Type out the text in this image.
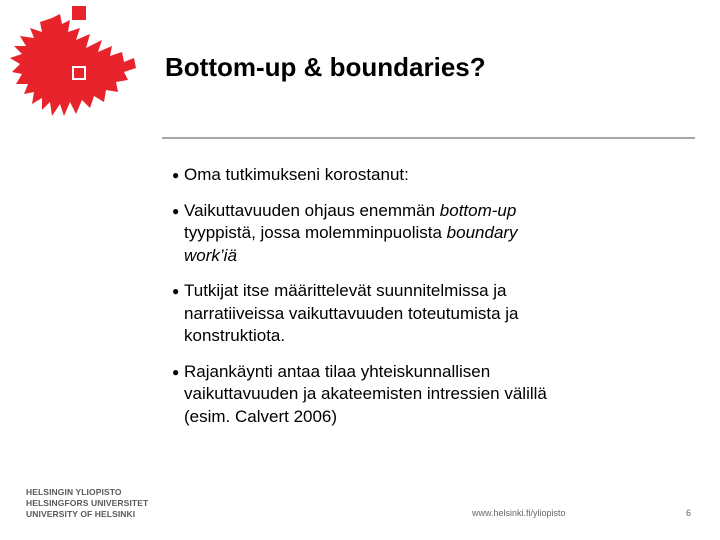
Bottom-up & boundaries?
● Oma tutkimukseni korostanut:
● Vaikuttavuuden ohjaus enemmän bottom-up
tyyppistä, jossa molemminpuolista boundary
work’iä
● Tutkijat itse määrittelevät suunnitelmissa ja
narratiiveissa vaikuttavuuden toteutumista ja
konstruktiota.
● Rajankäynti antaa tilaa yhteiskunnallisen
vaikuttavuuden ja akateemisten intressien välillä
(esim. Calvert 2006)
HELSINGIN YLIOPISTO
HELSINGFORS UNIVERSITET
UNIVERSITY OF HELSINKI	www.helsinki.fi/yliopisto	6
